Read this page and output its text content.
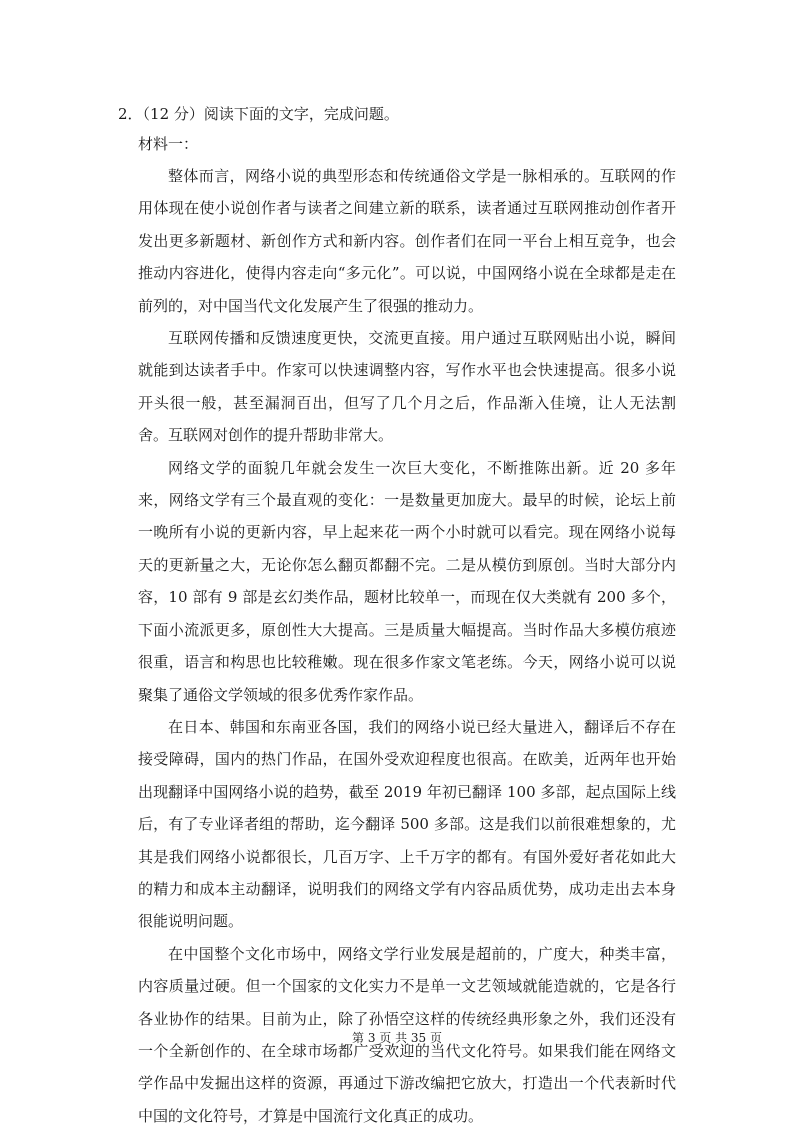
2．（12 分）阅读下面的文字，完成问题。
材料一：

整体而言，网络小说的典型形态和传统通俗文学是一脉相承的。互联网的作用体现在使小说创作者与读者之间建立新的联系，读者通过互联网推动创作者开发出更多新题材、新创作方式和新内容。创作者们在同一平台上相互竞争，也会推动内容进化，使得内容走向“多元化”。可以说，中国网络小说在全球都是走在前列的，对中国当代文化发展产生了很强的推动力。

互联网传播和反馈速度更快，交流更直接。用户通过互联网贴出小说，瞬间就能到达读者手中。作家可以快速调整内容，写作水平也会快速提高。很多小说开头很一般，甚至漏洞百出，但写了几个月之后，作品渐入佳境，让人无法割舍。互联网对创作的提升帮助非常大。

网络文学的面貌几年就会发生一次巨大变化，不断推陈出新。近 20 多年来，网络文学有三个最直观的变化：一是数量更加庞大。最早的时候，论坛上前一晚所有小说的更新内容，早上起来花一两个小时就可以看完。现在网络小说每天的更新量之大，无论你怎么翻页都翻不完。二是从模仿到原创。当时大部分内容，10 部有 9 部是玄幻类作品，题材比较单一，而现在仅大类就有 200 多个，下面小流派更多，原创性大大提高。三是质量大幅提高。当时作品大多模仿痕迹很重，语言和构思也比较稚嫩。现在很多作家文笔老练。今天，网络小说可以说聚集了通俗文学领域的很多优秀作家作品。

在日本、韩国和东南亚各国，我们的网络小说已经大量进入，翻译后不存在接受障碍，国内的热门作品，在国外受欢迎程度也很高。在欧美，近两年也开始出现翻译中国网络小说的趋势，截至 2019 年初已翻译 100 多部，起点国际上线后，有了专业译者组的帮助，迄今翻译 500 多部。这是我们以前很难想象的，尤其是我们网络小说都很长，几百万字、上千万字的都有。有国外爱好者花如此大的精力和成本主动翻译，说明我们的网络文学有内容品质优势，成功走出去本身很能说明问题。

在中国整个文化市场中，网络文学行业发展是超前的，广度大，种类丰富，内容质量过硬。但一个国家的文化实力不是单一文艺领域就能造就的，它是各行各业协作的结果。目前为止，除了孙悟空这样的传统经典形象之外，我们还没有一个全新创作的、在全球市场都广受欢迎的当代文化符号。如果我们能在网络文学作品中发掘出这样的资源，再通过下游改编把它放大，打造出一个代表新时代中国的文化符号，才算是中国流行文化真正的成功。

第 3 页 共 35 页
